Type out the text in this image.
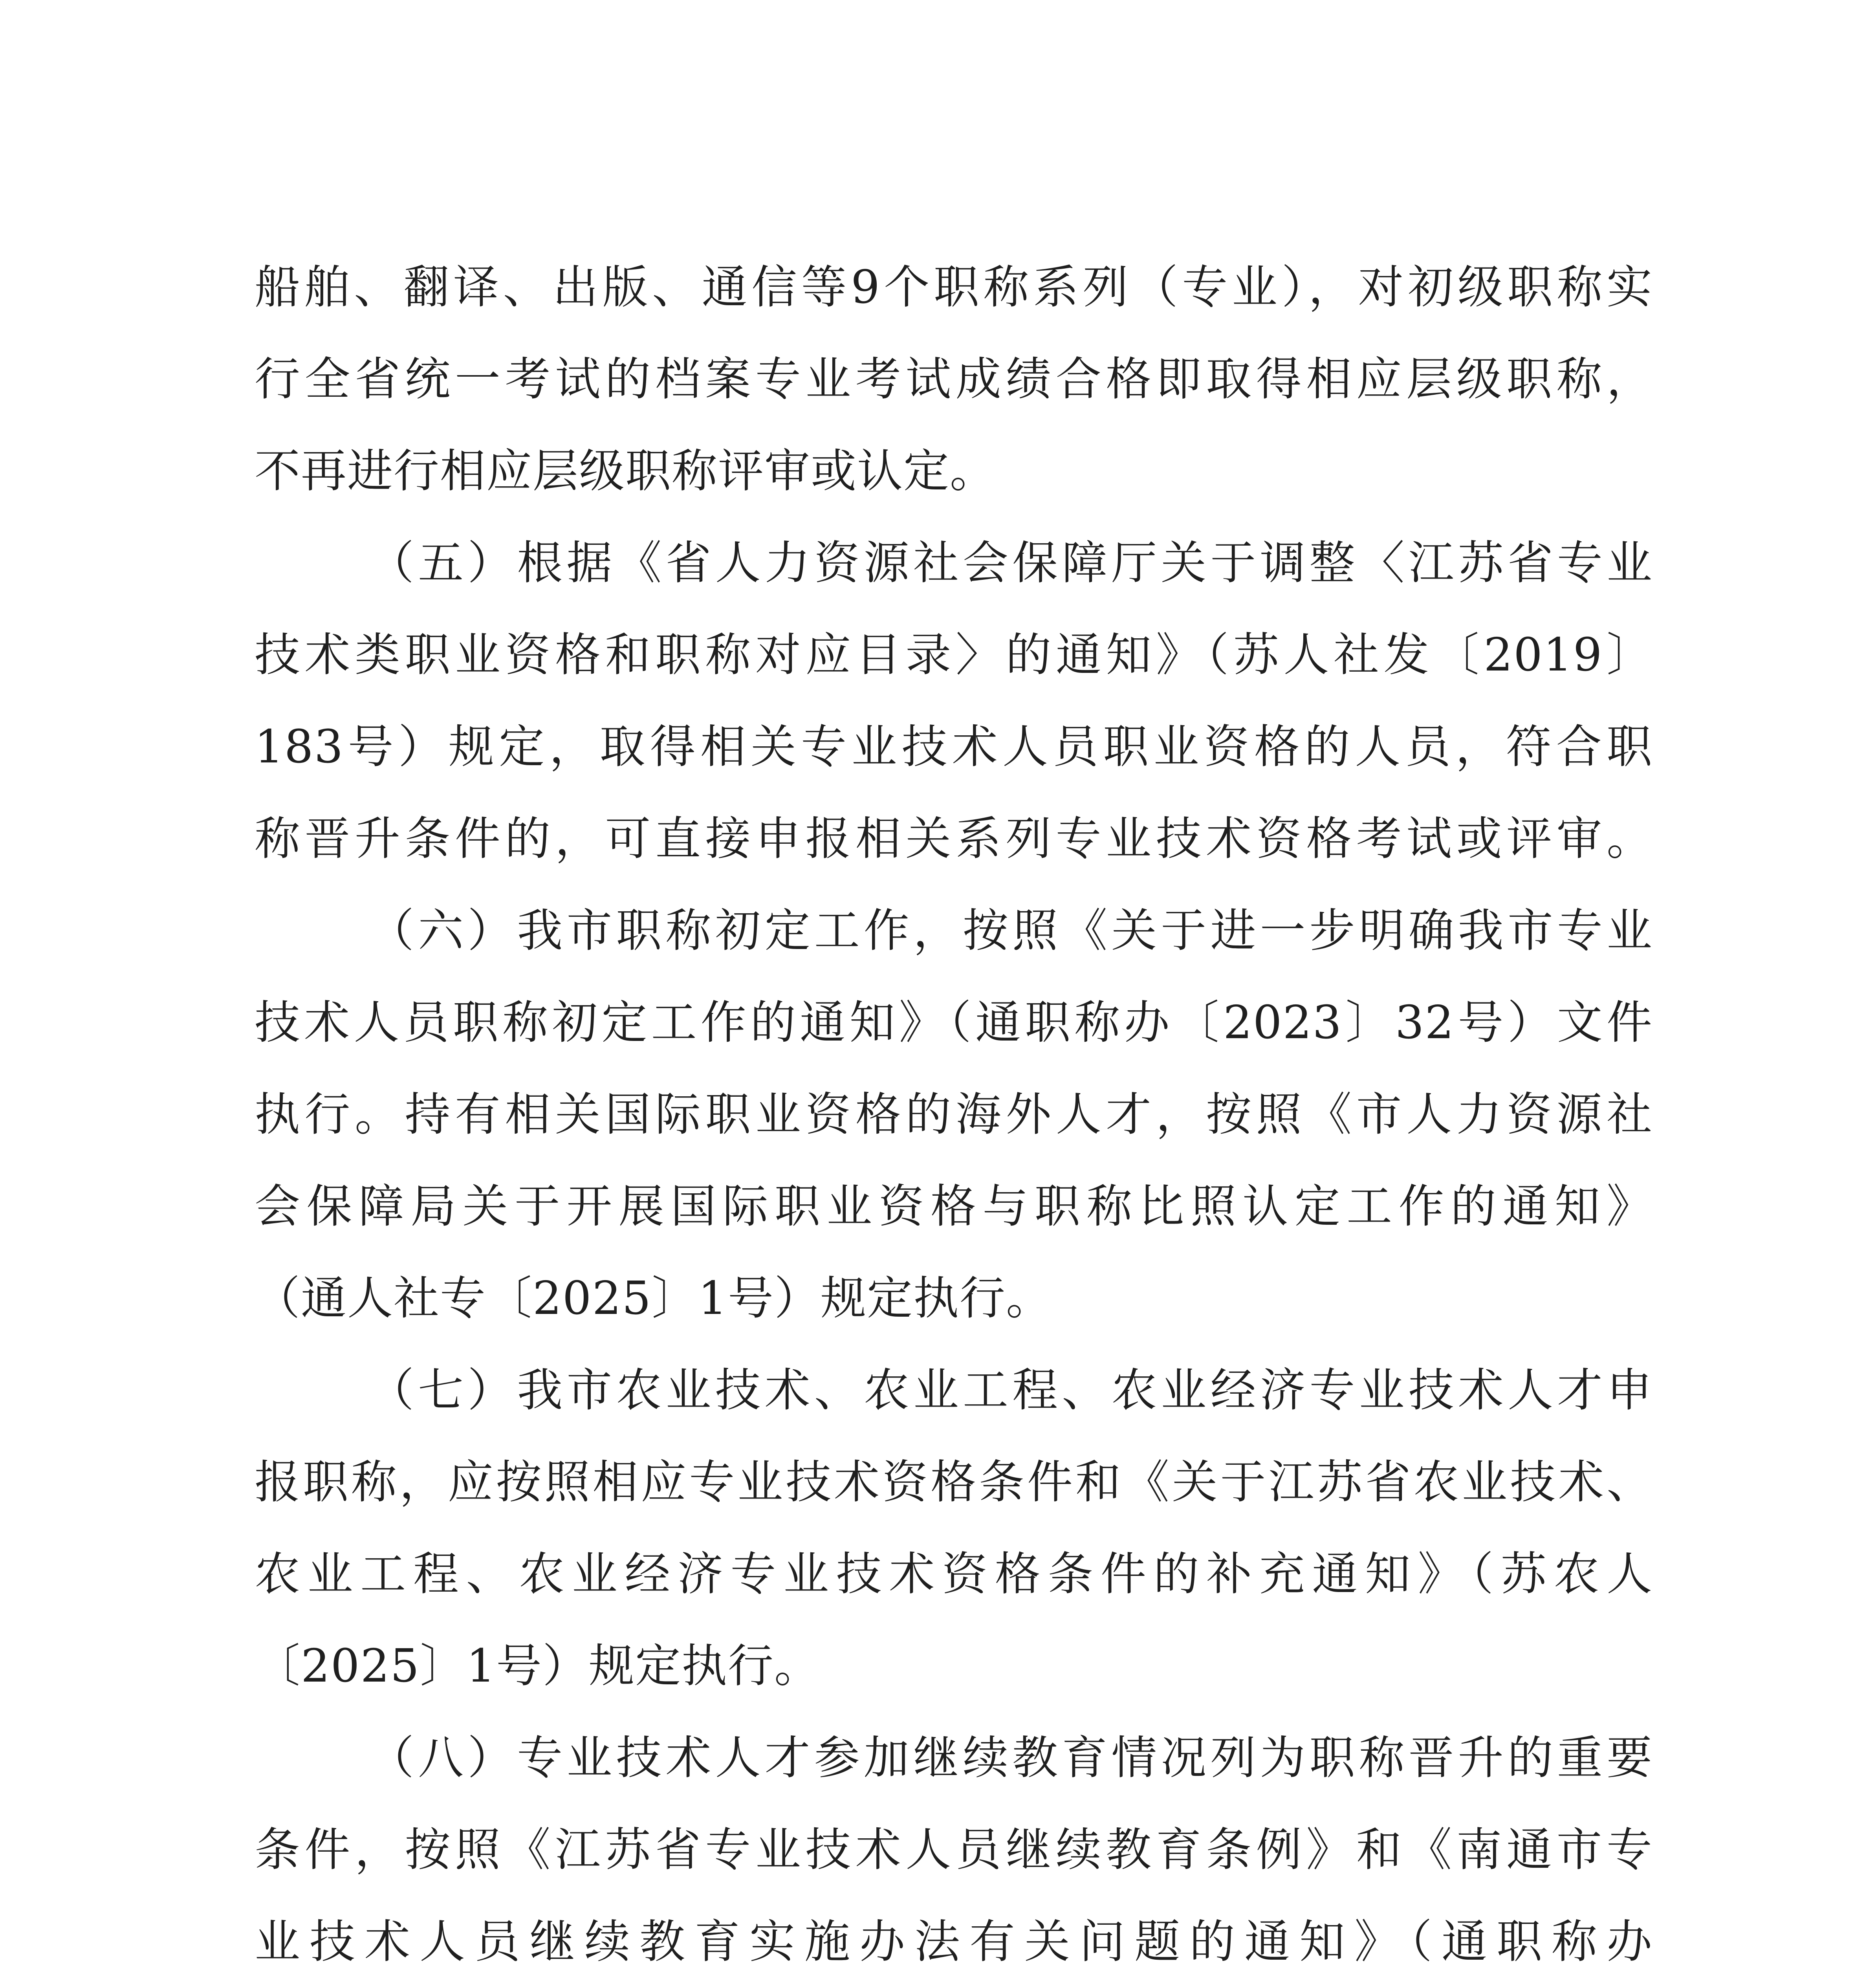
船舶、翻译、出版、通信等9个职称系列（专业），对初级职称实
行全省统一考试的档案专业考试成绩合格即取得相应层级职称，
不再进行相应层级职称评审或认定。
（五）根据《省人力资源社会保障厅关于调整〈江苏省专业
技术类职业资格和职称对应目录〉的通知》（苏人社发〔2019〕
183号）规定，取得相关专业技术人员职业资格的人员，符合职
称晋升条件的，可直接申报相关系列专业技术资格考试或评审。
（六）我市职称初定工作，按照《关于进一步明确我市专业
技术人员职称初定工作的通知》（通职称办〔2023〕32号）文件
执行。持有相关国际职业资格的海外人才，按照《市人力资源社
会保障局关于开展国际职业资格与职称比照认定工作的通知》
（通人社专〔2025〕1号）规定执行。
（七）我市农业技术、农业工程、农业经济专业技术人才申
报职称，应按照相应专业技术资格条件和《关于江苏省农业技术、
农业工程、农业经济专业技术资格条件的补充通知》（苏农人
〔2025〕1号）规定执行。
（八）专业技术人才参加继续教育情况列为职称晋升的重要
条件，按照《江苏省专业技术人员继续教育条例》和《南通市专
业技术人员继续教育实施办法有关问题的通知》（通职称办
